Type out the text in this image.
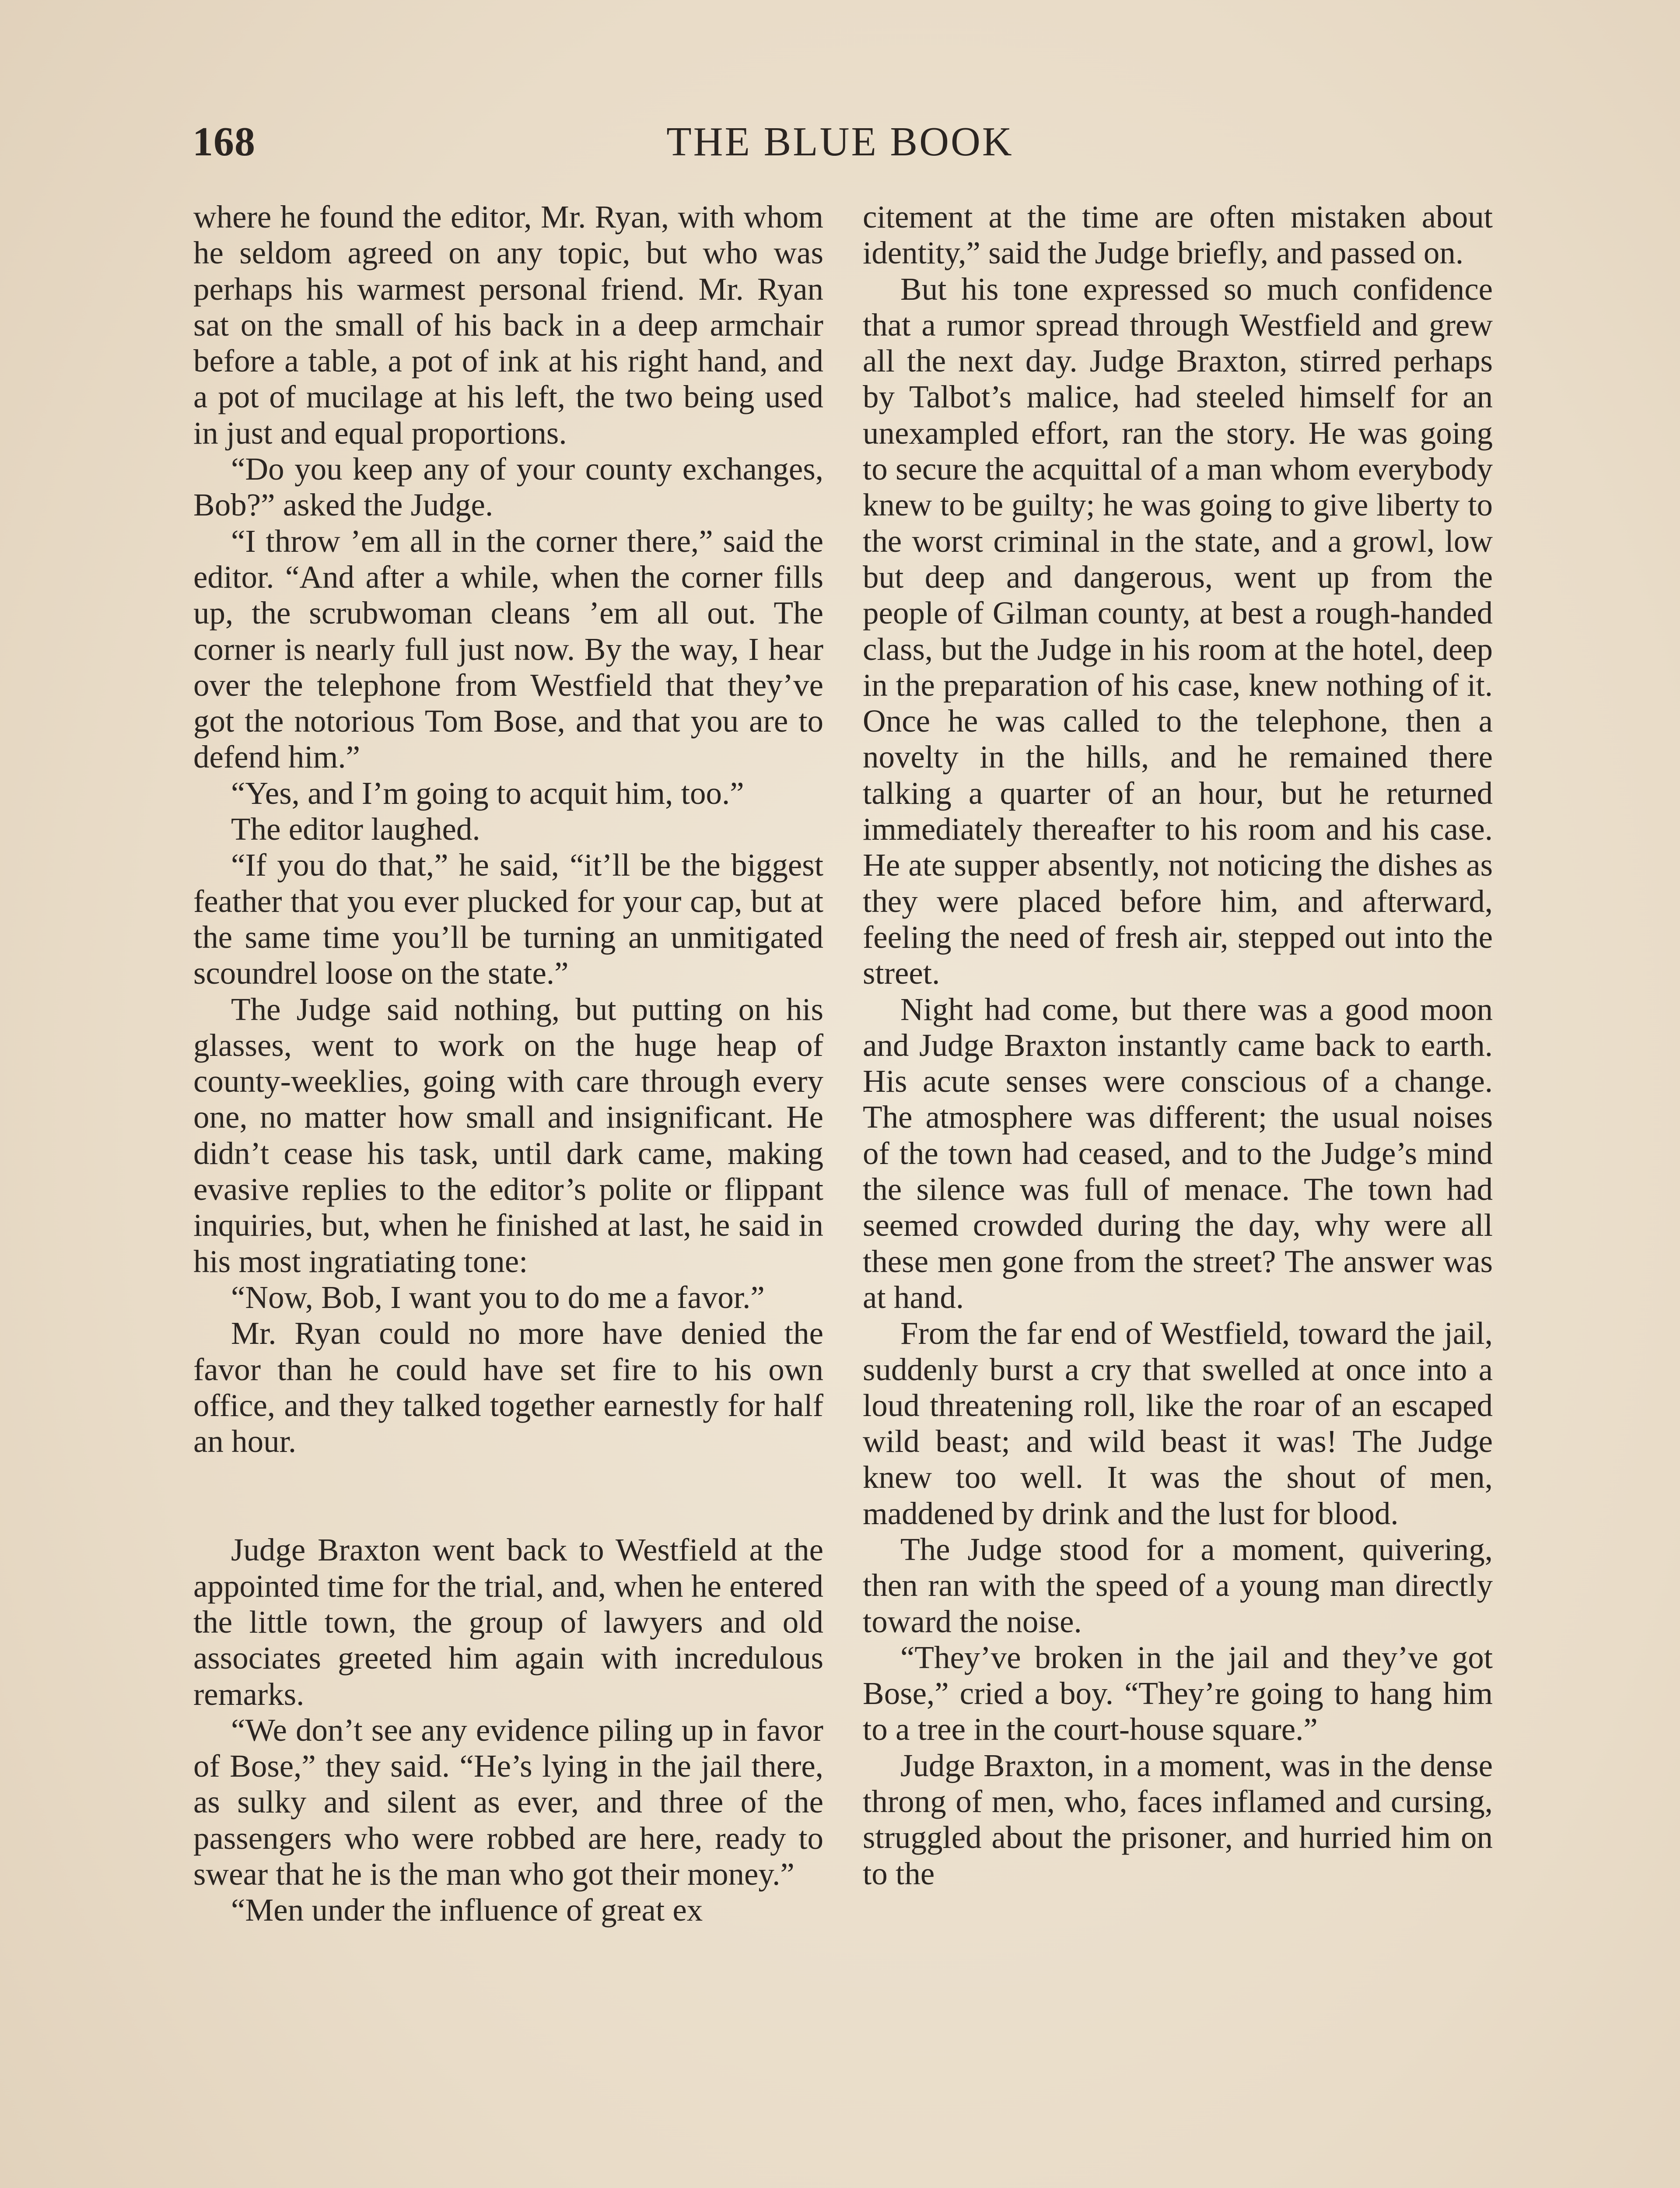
168	THE BLUE BOOK

where he found the editor, Mr. Ryan, with whom he seldom agreed on any topic, but who was perhaps his warmest personal friend. Mr. Ryan sat on the small of his back in a deep armchair before a table, a pot of ink at his right hand, and a pot of mucilage at his left, the two being used in just and equal proportions.

“Do you keep any of your county exchanges, Bob?” asked the Judge.

“I throw ’em all in the corner there,” said the editor. “And after a while, when the corner fills up, the scrubwoman cleans ’em all out. The corner is nearly full just now. By the way, I hear over the telephone from Westfield that they’ve got the notorious Tom Bose, and that you are to defend him.”

“Yes, and I’m going to acquit him, too.”

The editor laughed.

“If you do that,” he said, “it’ll be the biggest feather that you ever plucked for your cap, but at the same time you’ll be turning an unmitigated scoundrel loose on the state.”

The Judge said nothing, but putting on his glasses, went to work on the huge heap of county-weeklies, going with care through every one, no matter how small and insignificant. He didn’t cease his task, until dark came, making evasive replies to the editor’s polite or flippant inquiries, but, when he finished at last, he said in his most ingratiating tone:

“Now, Bob, I want you to do me a favor.”

Mr. Ryan could no more have denied the favor than he could have set fire to his own office, and they talked together earnestly for half an hour.

Judge Braxton went back to Westfield at the appointed time for the trial, and, when he entered the little town, the group of lawyers and old associates greeted him again with incredulous remarks.

“We don’t see any evidence piling up in favor of Bose,” they said. “He’s lying in the jail there, as sulky and silent as ever, and three of the passengers who were robbed are here, ready to swear that he is the man who got their money.”

“Men under the influence of great ex

citement at the time are often mistaken about identity,” said the Judge briefly, and passed on.

But his tone expressed so much confidence that a rumor spread through Westfield and grew all the next day. Judge Braxton, stirred perhaps by Talbot’s malice, had steeled himself for an unexampled effort, ran the story. He was going to secure the acquittal of a man whom everybody knew to be guilty; he was going to give liberty to the worst criminal in the state, and a growl, low but deep and dangerous, went up from the people of Gilman county, at best a rough-handed class, but the Judge in his room at the hotel, deep in the preparation of his case, knew nothing of it. Once he was called to the telephone, then a novelty in the hills, and he remained there talking a quarter of an hour, but he returned immediately thereafter to his room and his case. He ate supper absently, not noticing the dishes as they were placed before him, and afterward, feeling the need of fresh air, stepped out into the street.

Night had come, but there was a good moon and Judge Braxton instantly came back to earth. His acute senses were conscious of a change. The atmosphere was different; the usual noises of the town had ceased, and to the Judge’s mind the silence was full of menace. The town had seemed crowded during the day, why were all these men gone from the street? The answer was at hand.

From the far end of Westfield, toward the jail, suddenly burst a cry that swelled at once into a loud threatening roll, like the roar of an escaped wild beast; and wild beast it was! The Judge knew too well. It was the shout of men, maddened by drink and the lust for blood.

The Judge stood for a moment, quivering, then ran with the speed of a young man directly toward the noise.

“They’ve broken in the jail and they’ve got Bose,” cried a boy. “They’re going to hang him to a tree in the court-house square.”

Judge Braxton, in a moment, was in the dense throng of men, who, faces inflamed and cursing, struggled about the prisoner, and hurried him on to the
